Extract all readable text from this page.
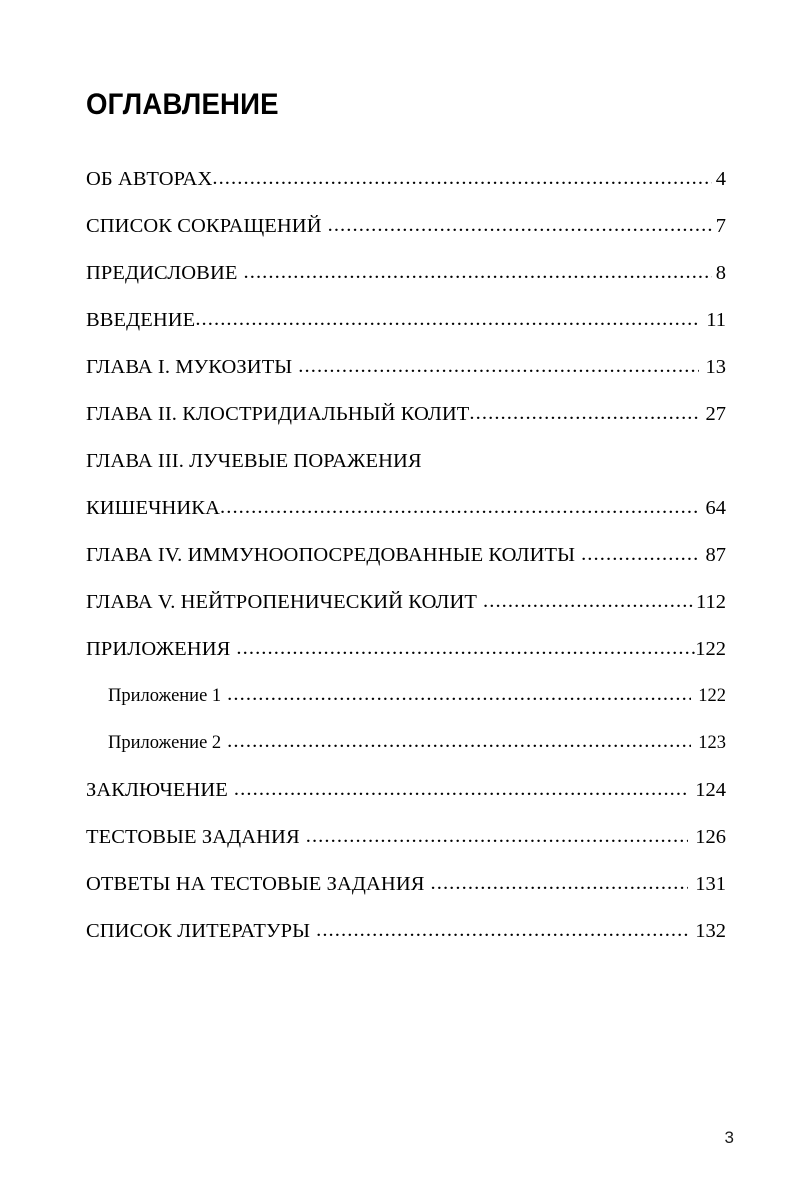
ОГЛАВЛЕНИЕ
ОБ АВТОРАХ .....	4
СПИСОК СОКРАЩЕНИЙ .....	7
ПРЕДИСЛОВИЕ .....	8
ВВЕДЕНИЕ .....	11
ГЛАВА I. МУКОЗИТЫ .....	13
ГЛАВА II. КЛОСТРИДИАЛЬНЫЙ КОЛИТ .....	27
ГЛАВА III. ЛУЧЕВЫЕ ПОРАЖЕНИЯ
КИШЕЧНИКА .....	64
ГЛАВА IV. ИММУНООПОСРЕДОВАННЫЕ КОЛИТЫ .....	87
ГЛАВА V. НЕЙТРОПЕНИЧЕСКИЙ КОЛИТ .....	112
ПРИЛОЖЕНИЯ .....	122
Приложение 1 .....	122
Приложение 2 .....	123
ЗАКЛЮЧЕНИЕ .....	124
ТЕСТОВЫЕ ЗАДАНИЯ .....	126
ОТВЕТЫ НА ТЕСТОВЫЕ ЗАДАНИЯ .....	131
СПИСОК ЛИТЕРАТУРЫ .....	132
3
